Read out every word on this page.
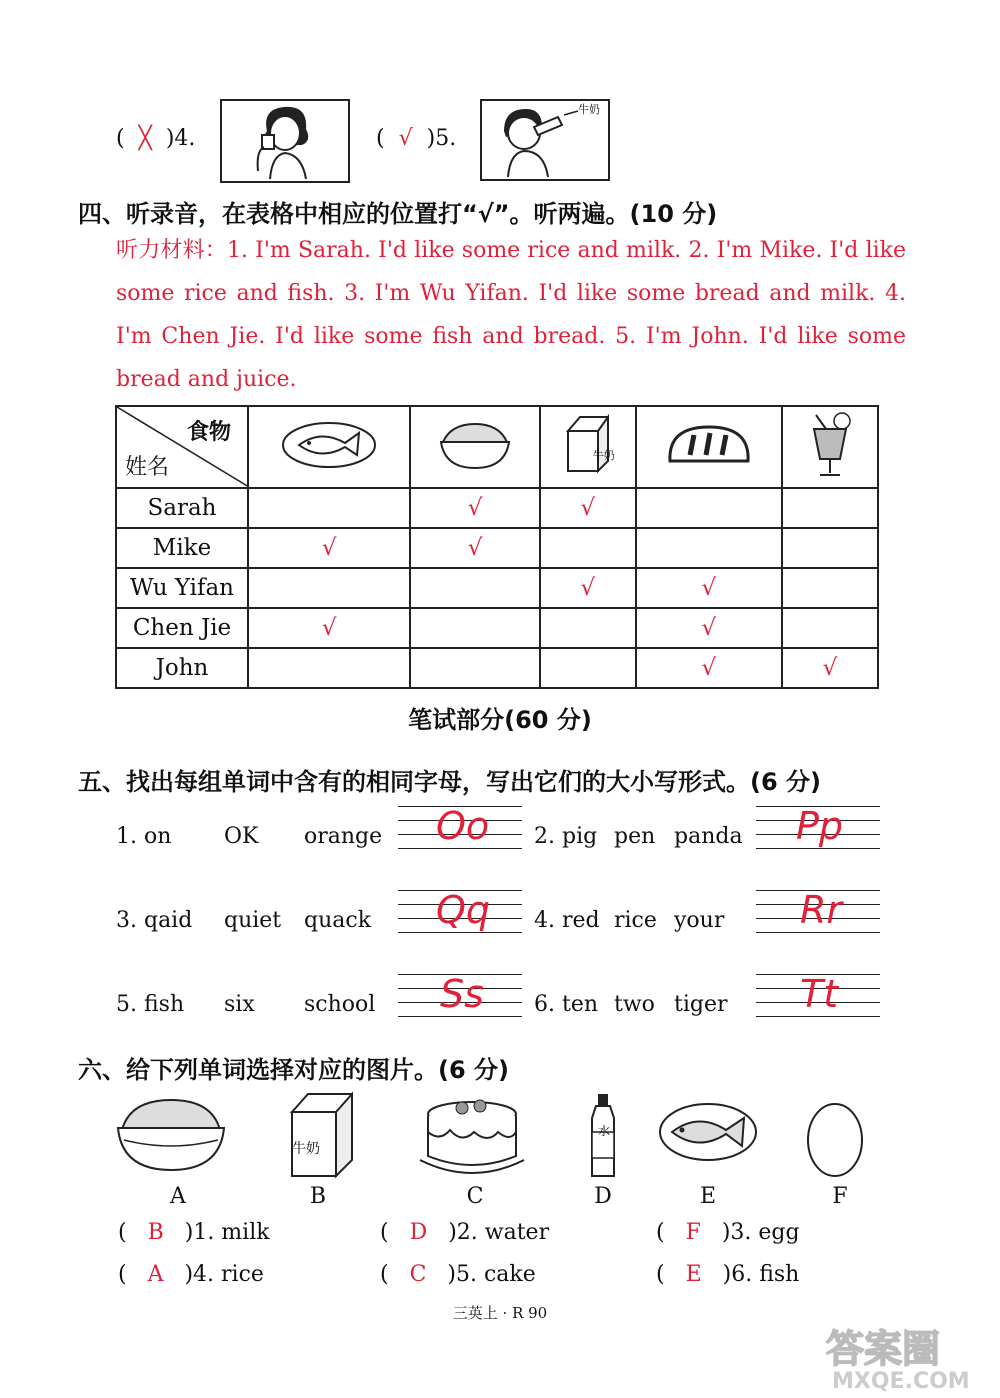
( ╳ )4.	( √ )5.
牛奶
四、听录音，在表格中相应的位置打“√”。听两遍。(10 分)
听力材料：1. I'm Sarah. I'd like some rice and milk. 2. I'm Mike. I'd like some rice and fish. 3. I'm Wu Yifan. I'd like some bread and milk. 4. I'm Chen Jie. I'd like some fish and bread. 5. I'm John. I'd like some bread and juice.
食物
姓名			牛奶

Sarah		√	√		
Mike	√	√			
Wu Yifan			√	√	
Chen Jie	√			√	
John				√	√
笔试部分(60 分)
五、找出每组单词中含有的相同字母，写出它们的大小写形式。(6 分)
1. on OK orange Oo 2. pig pen panda Pp
3. qaid quiet quack Qq 4. red rice your Rr
5. fish six school Ss 6. ten two tiger Tt
六、给下列单词选择对应的图片。(6 分)
牛奶
水
A	B	C	D	E	F
( B )1. milk	( D )2. water	( F )3. egg
( A )4. rice	( C )5. cake	( E )6. fish
三英上 · R 90
答案圈
MXQE.COM
